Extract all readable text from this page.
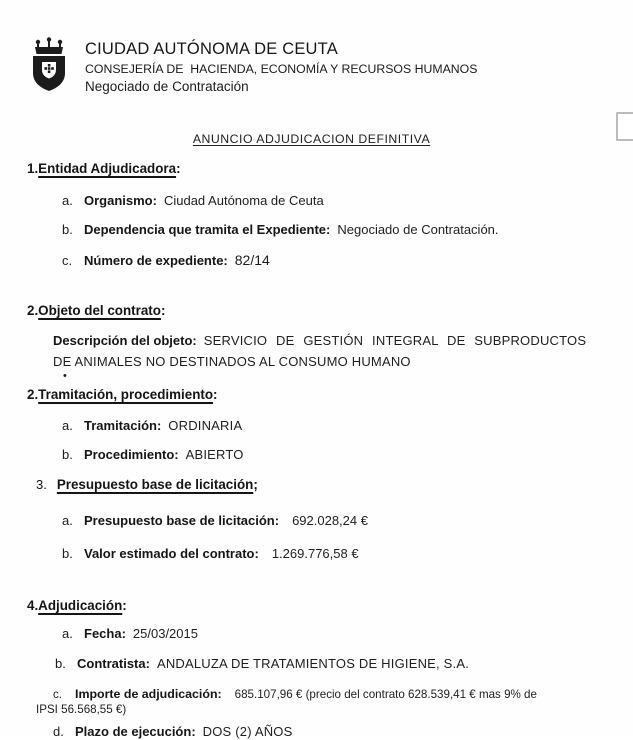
CIUDAD AUTÓNOMA DE CEUTA
CONSEJERÍA DE  HACIENDA, ECONOMÍA Y RECURSOS HUMANOS
Negociado de Contratación
ANUNCIO ADJUDICACION DEFINITIVA
1.Entidad Adjudicadora:
a. Organismo: Ciudad Autónoma de Ceuta
b. Dependencia que tramita el Expediente: Negociado de Contratación.
c. Número de expediente: 82/14
2.Objeto del contrato:
Descripción del objeto: SERVICIO DE GESTIÓN INTEGRAL DE SUBPRODUCTOS
DE ANIMALES NO DESTINADOS AL CONSUMO HUMANO
•
2.Tramitación, procedimiento:
a. Tramitación: ORDINARIA
b. Procedimiento: ABIERTO
3. Presupuesto base de licitación;
a. Presupuesto base de licitación: 692.028,24 €
b. Valor estimado del contrato: 1.269.776,58 €
4.Adjudicación:
a. Fecha: 25/03/2015
b. Contratista: ANDALUZA DE TRATAMIENTOS DE HIGIENE, S.A.
c. Importe de adjudicación: 685.107,96 € (precio del contrato 628.539,41 € mas 9% de
IPSI 56.568,55 €)
d. Plazo de ejecución: DOS (2) AÑOS
